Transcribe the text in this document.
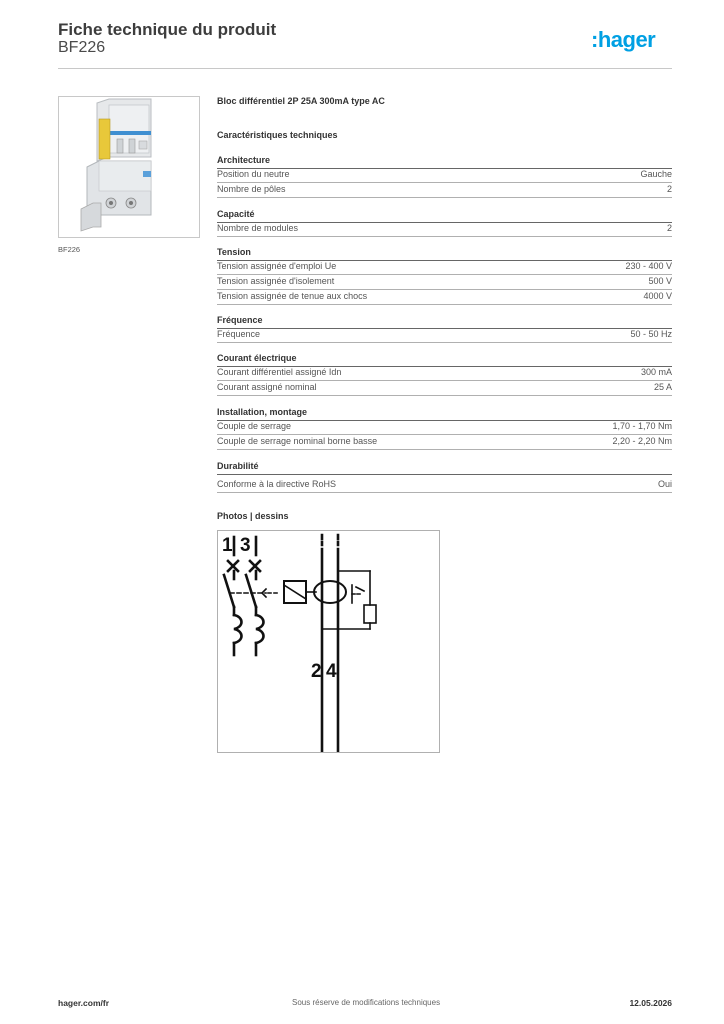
Fiche technique du produit
BF226	:hager
BF226
Bloc différentiel 2P 25A 300mA type AC
Caractéristiques techniques
Architecture
Position du neutre	Gauche
Nombre de pôles	2
Capacité
Nombre de modules	2
Tension
Tension assignée d'emploi Ue	230 - 400 V
Tension assignée d'isolement	500 V
Tension assignée de tenue aux chocs	4000 V
Fréquence
Fréquence	50 - 50 Hz
Courant électrique
Courant différentiel assigné Idn	300 mA
Courant assigné nominal	25 A
Installation, montage
Couple de serrage	1,70 - 1,70 Nm
Couple de serrage nominal borne basse	2,20 - 2,20 Nm
Durabilité
Conforme à la directive RoHS	Oui
Photos | dessins
1 3
2 4
hager.com/fr	Sous réserve de modifications techniques	12.05.2026
